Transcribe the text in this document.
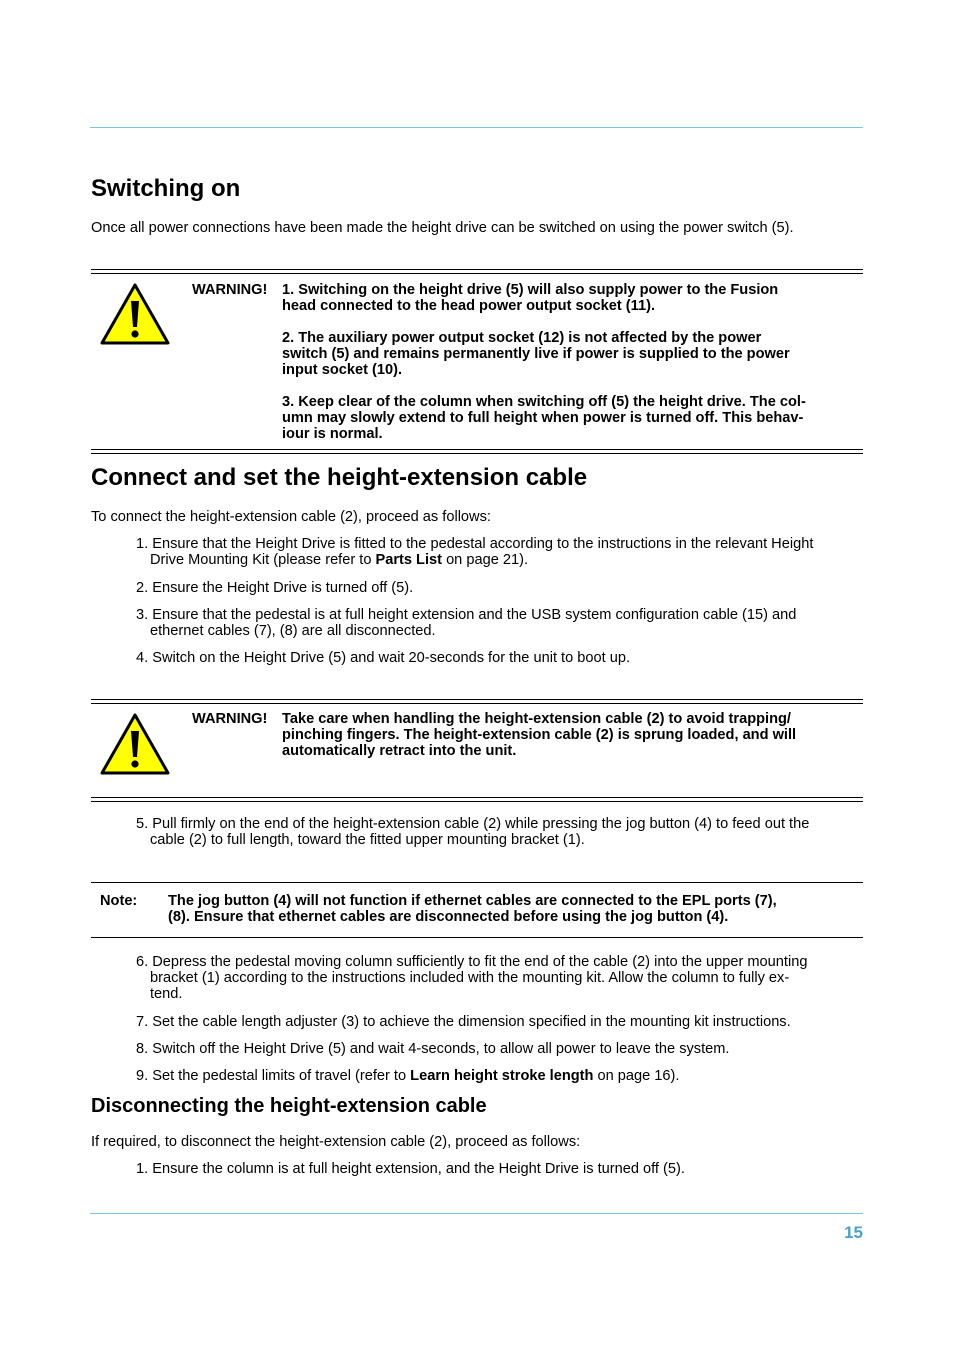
Switching on
Once all power connections have been made the height drive can be switched on using the power switch (5).
WARNING! 1. Switching on the height drive (5) will also supply power to the Fusion
head connected to the head power output socket (11).
2. The auxiliary power output socket (12) is not affected by the power
switch (5) and remains permanently live if power is supplied to the power
input socket (10).
3. Keep clear of the column when switching off (5) the height drive. The col-
umn may slowly extend to full height when power is turned off. This behav-
iour is normal.
Connect and set the height-extension cable
To connect the height-extension cable (2), proceed as follows:
1. Ensure that the Height Drive is fitted to the pedestal according to the instructions in the relevant Height
Drive Mounting Kit (please refer to Parts List on page 21).
2. Ensure the Height Drive is turned off (5).
3. Ensure that the pedestal is at full height extension and the USB system configuration cable (15) and
ethernet cables (7), (8) are all disconnected.
4. Switch on the Height Drive (5) and wait 20-seconds for the unit to boot up.
WARNING! Take care when handling the height-extension cable (2) to avoid trapping/
pinching fingers. The height-extension cable (2) is sprung loaded, and will
automatically retract into the unit.
5. Pull firmly on the end of the height-extension cable (2) while pressing the jog button (4) to feed out the
cable (2) to full length, toward the fitted upper mounting bracket (1).
Note: The jog button (4) will not function if ethernet cables are connected to the EPL ports (7),
(8). Ensure that ethernet cables are disconnected before using the jog button (4).
6. Depress the pedestal moving column sufficiently to fit the end of the cable (2) into the upper mounting
bracket (1) according to the instructions included with the mounting kit. Allow the column to fully ex-
tend.
7. Set the cable length adjuster (3) to achieve the dimension specified in the mounting kit instructions.
8. Switch off the Height Drive (5) and wait 4-seconds, to allow all power to leave the system.
9. Set the pedestal limits of travel (refer to Learn height stroke length on page 16).
Disconnecting the height-extension cable
If required, to disconnect the height-extension cable (2), proceed as follows:
1. Ensure the column is at full height extension, and the Height Drive is turned off (5).
15
